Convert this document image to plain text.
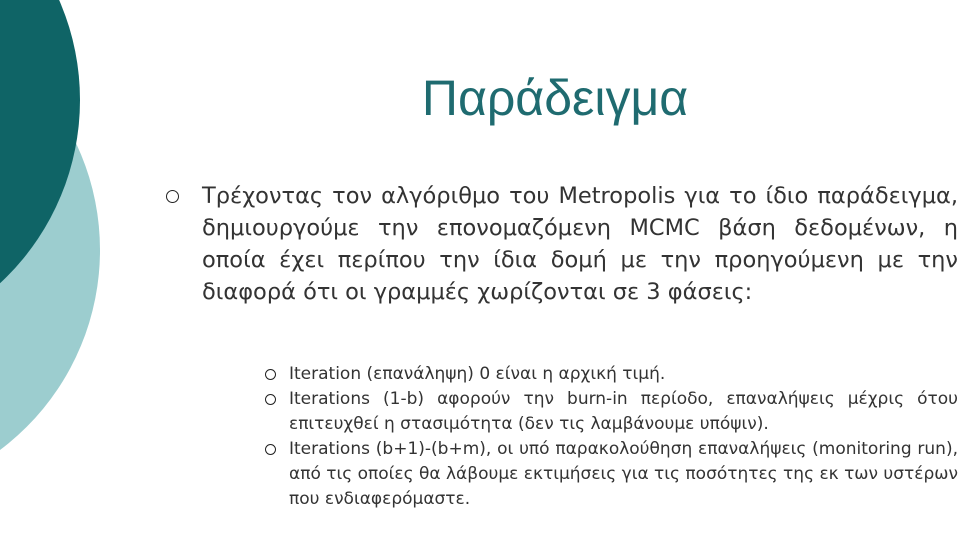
Παράδειγμα
Τρέχοντας τον αλγόριθμο του Metropolis για το ίδιο παράδειγμα, δημιουργούμε την επονομαζόμενη MCMC βάση δεδομένων, η οποία έχει περίπου την ίδια δομή με την προηγούμενη με την διαφορά ότι οι γραμμές χωρίζονται σε 3 φάσεις:
Iteration (επανάληψη) 0 είναι η αρχική τιμή.
Iterations (1-b) αφορούν την burn-in περίοδο, επαναλήψεις μέχρις ότου επιτευχθεί η στασιμότητα (δεν τις λαμβάνουμε υπόψιν).
Iterations (b+1)-(b+m), οι υπό παρακολούθηση επαναλήψεις (monitoring run), από τις οποίες θα λάβουμε εκτιμήσεις για τις ποσότητες της εκ των υστέρων που ενδιαφερόμαστε.
